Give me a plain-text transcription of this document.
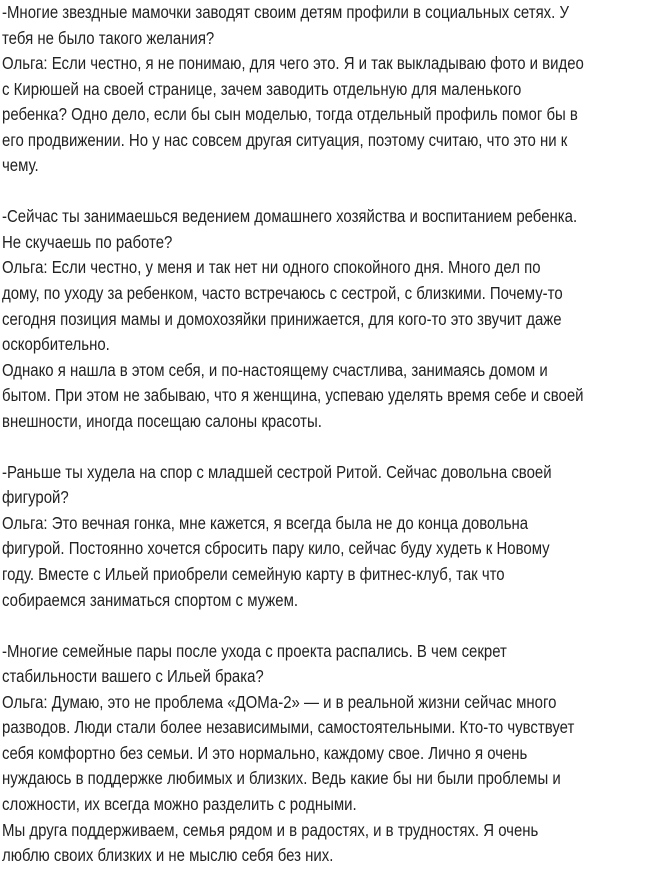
-Многие звездные мамочки заводят своим детям профили в социальных сетях. У
тебя не было такого желания?
Ольга: Если честно, я не понимаю, для чего это. Я и так выкладываю фото и видео
с Кирюшей на своей странице, зачем заводить отдельную для маленького
ребенка? Одно дело, если бы сын моделью, тогда отдельный профиль помог бы в
его продвижении. Но у нас совсем другая ситуация, поэтому считаю, что это ни к
чему.
-Сейчас ты занимаешься ведением домашнего хозяйства и воспитанием ребенка.
Не скучаешь по работе?
Ольга: Если честно, у меня и так нет ни одного спокойного дня. Много дел по
дому, по уходу за ребенком, часто встречаюсь с сестрой, с близкими. Почему-то
сегодня позиция мамы и домохозяйки принижается, для кого-то это звучит даже
оскорбительно.
Однако я нашла в этом себя, и по-настоящему счастлива, занимаясь домом и
бытом. При этом не забываю, что я женщина, успеваю уделять время себе и своей
внешности, иногда посещаю салоны красоты.
-Раньше ты худела на спор с младшей сестрой Ритой. Сейчас довольна своей
фигурой?
Ольга: Это вечная гонка, мне кажется, я всегда была не до конца довольна
фигурой. Постоянно хочется сбросить пару кило, сейчас буду худеть к Новому
году. Вместе с Ильей приобрели семейную карту в фитнес-клуб, так что
собираемся заниматься спортом с мужем.
-Многие семейные пары после ухода с проекта распались. В чем секрет
стабильности вашего с Ильей брака?
Ольга: Думаю, это не проблема «ДОМа-2» — и в реальной жизни сейчас много
разводов. Люди стали более независимыми, самостоятельными. Кто-то чувствует
себя комфортно без семьи. И это нормально, каждому свое. Лично я очень
нуждаюсь в поддержке любимых и близких. Ведь какие бы ни были проблемы и
сложности, их всегда можно разделить с родными.
Мы друга поддерживаем, семья рядом и в радостях, и в трудностях. Я очень
люблю своих близких и не мыслю себя без них.
